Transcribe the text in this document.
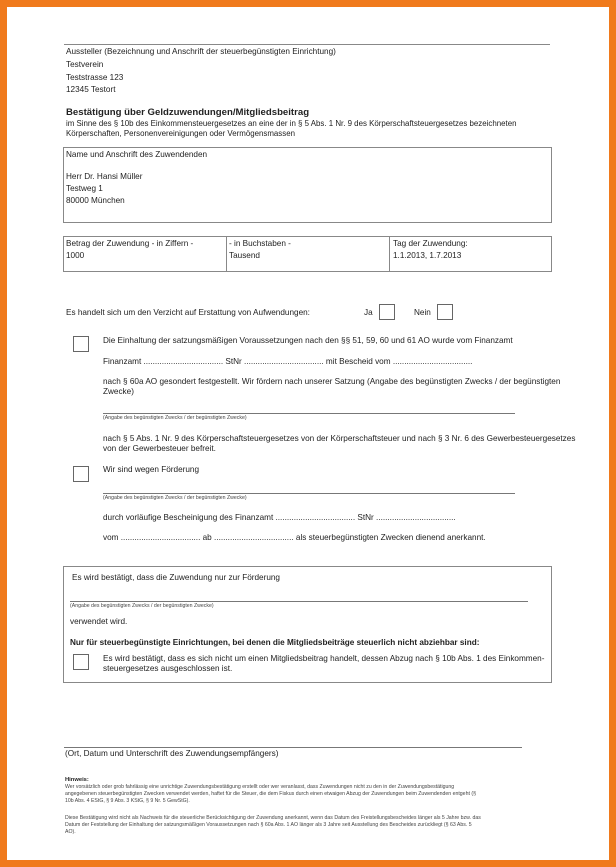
Aussteller (Bezeichnung und Anschrift der steuerbegünstigten Einrichtung)
Testverein
Teststrasse 123
12345 Testort
Bestätigung über Geldzuwendungen/Mitgliedsbeitrag
im Sinne des § 10b des Einkommensteuergesetzes an eine der in § 5 Abs. 1 Nr. 9 des Körperschaftsteuergesetzes bezeichneten
Körperschaften, Personenvereinigungen oder Vermögensmassen
Name und Anschrift des Zuwendenden
Herr Dr. Hansi Müller
Testweg 1
80000 München
Betrag der Zuwendung - in Ziffern -
1000
- in Buchstaben -
Tausend
Tag der Zuwendung:
1.1.2013, 1.7.2013
Es handelt sich um den Verzicht auf Erstattung von Aufwendungen:	Ja	Nein
Die Einhaltung der satzungsmäßigen Voraussetzungen nach den §§ 51, 59, 60 und 61 AO wurde vom Finanzamt
Finanzamt ................................... StNr ................................... mit Bescheid vom ...................................
nach § 60a AO gesondert festgestellt. Wir fördern nach unserer Satzung (Angabe des begünstigten Zwecks / der begünstigten
Zwecke)
(Angabe des begünstigten Zwecks / der begünstigten Zwecke)
nach § 5 Abs. 1 Nr. 9 des Körperschaftsteuergesetzes von der Körperschaftsteuer und nach § 3 Nr. 6 des Gewerbesteuergesetzes
von der Gewerbesteuer befreit.
Wir sind wegen Förderung
(Angabe des begünstigten Zwecks / der begünstigten Zwecke)
durch vorläufige Bescheinigung des Finanzamt ................................... StNr ...................................
vom ................................... ab ................................... als steuerbegünstigten Zwecken dienend anerkannt.
Es wird bestätigt, dass die Zuwendung nur zur Förderung
(Angabe des begünstigten Zwecks / der begünstigten Zwecke)
verwendet wird.
Nur für steuerbegünstigte Einrichtungen, bei denen die Mitgliedsbeiträge steuerlich nicht abziehbar sind:
Es wird bestätigt, dass es sich nicht um einen Mitgliedsbeitrag handelt, dessen Abzug nach § 10b Abs. 1 des Einkommen-
steuergesetzes ausgeschlossen ist.
(Ort, Datum und Unterschrift des Zuwendungsempfängers)
Hinweis:
Wer vorsätzlich oder grob fahrlässig eine unrichtige Zuwendungsbestätigung erstellt oder wer veranlasst, dass Zuwendungen nicht zu den in der Zuwendungsbestätigung
angegebenen steuerbegünstigten Zwecken verwendet werden, haftet für die Steuer, die dem Fiskus durch einen etwaigen Abzug der Zuwendungen beim Zuwendenden entgeht (§
10b Abs. 4 EStG, § 9 Abs. 3 KStG, § 9 Nr. 5 GewStG).
Diese Bestätigung wird nicht als Nachweis für die steuerliche Berücksichtigung der Zuwendung anerkannt, wenn das Datum des Freistellungsbescheides länger als 5 Jahre bzw. das
Datum der Feststellung der Einhaltung der satzungsmäßigen Voraussetzungen nach § 60a Abs. 1 AO länger als 3 Jahre seit Ausstellung des Bescheides zurückliegt (§ 63 Abs. 5
AO).
